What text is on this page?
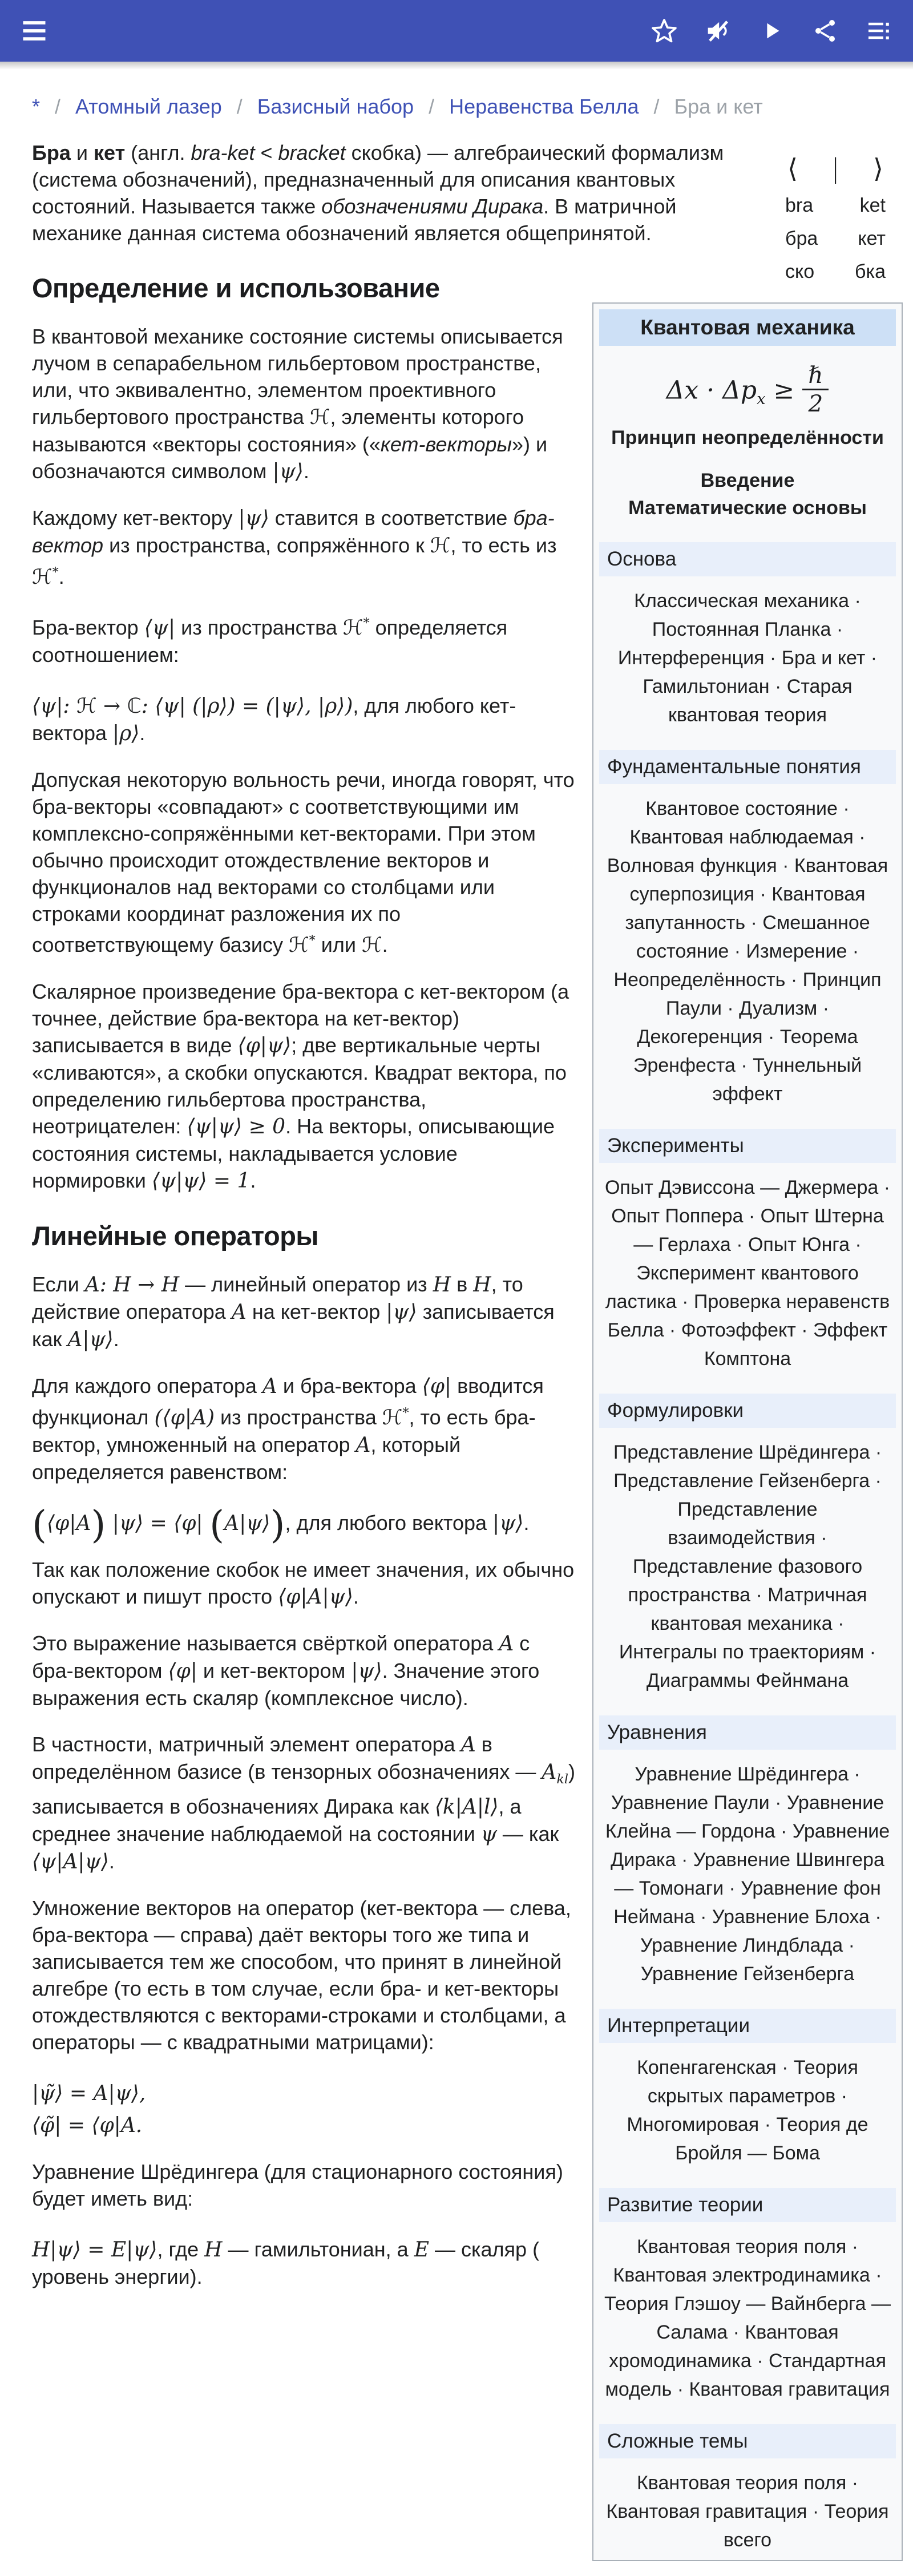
* / Атомный лазер / Базисный набор / Неравенства Белла / Бра и кет
⟨ | ⟩
bra ket
бра кет
ско бка

Бра и кет (англ. bra-ket < bracket скобка) — алгебраический формализм (система обозначений), предназначенный для описания квантовых состояний. Называется также обозначениями Дирака. В матричной механике данная система обозначений является общепринятой.

Квантовая механика
$\Delta x \cdot \Delta p_x \ge \frac{\text{ℏ}}{2}$
Принцип неопределённости
Введение
Математические основы
Основа
Классическая механика · Постоянная Планка · Интерференция · Бра и кет · Гамильтониан · Старая квантовая теория
Фундаментальные понятия
Квантовое состояние · Квантовая наблюдаемая · Волновая функция · Квантовая суперпозиция · Квантовая запутанность · Смешанное состояние · Измерение · Неопределённость · Принцип Паули · Дуализм · Декогеренция · Теорема Эренфеста · Туннельный эффект
Эксперименты
Опыт Дэвиссона — Джермера · Опыт Поппера · Опыт Штерна — Герлаха · Опыт Юнга · Эксперимент квантового ластика · Проверка неравенств Белла · Фотоэффект · Эффект Комптона
Формулировки
Представление Шрёдингера · Представление Гейзенберга · Представление взаимодействия · Представление фазового пространства · Матричная квантовая механика · Интегралы по траекториям · Диаграммы Фейнмана
Уравнения
Уравнение Шрёдингера · Уравнение Паули · Уравнение Клейна — Гордона · Уравнение Дирака · Уравнение Швингера — Томонаги · Уравнение фон Неймана · Уравнение Блоха · Уравнение Линдблада · Уравнение Гейзенберга
Интерпретации
Копенгагенская · Теория скрытых параметров · Многомировая · Теория де Бройля — Бома
Развитие теории
Квантовая теория поля · Квантовая электродинамика · Теория Глэшоу — Вайнберга — Салама · Квантовая хромодинамика · Стандартная модель · Квантовая гравитация
Сложные темы
Квантовая теория поля · Квантовая гравитация · Теория всего
Определение и использование

В квантовой механике состояние системы описывается лучом в сепарабельном гильбертовом пространстве, или, что эквивалентно, элементом проективного гильбертового пространства ℋ, элементы которого называются «векторы состояния» («кет-векторы») и обозначаются символом |ψ⟩.

Каждому кет-вектору |ψ⟩ ставится в соответствие бра-вектор из пространства, сопряжённого к ℋ, то есть из ℋ*.

Бра-вектор ⟨ψ| из пространства ℋ* определяется соотношением:

⟨ψ|: ℋ → ℂ: ⟨ψ| (|ρ⟩) = (|ψ⟩, |ρ⟩), для любого кет-вектора |ρ⟩.

Допуская некоторую вольность речи, иногда говорят, что бра-векторы «совпадают» с соответствующими им комплексно-сопряжёнными кет-векторами. При этом обычно происходит отождествление векторов и функционалов над векторами со столбцами или строками координат разложения их по соответствующему базису ℋ* или ℋ.

Скалярное произведение бра-вектора с кет-вектором (а точнее, действие бра-вектора на кет-вектор) записывается в виде ⟨φ|ψ⟩; две вертикальные черты «сливаются», а скобки опускаются. Квадрат вектора, по определению гильбертова пространства, неотрицателен: ⟨ψ|ψ⟩ ≥ 0. На векторы, описывающие состояния системы, накладывается условие нормировки ⟨ψ|ψ⟩ = 1.

Линейные операторы

Если A: H → H — линейный оператор из H в H, то действие оператора A на кет-вектор |ψ⟩ записывается как A|ψ⟩.

Для каждого оператора A и бра-вектора ⟨φ| вводится функционал (⟨φ|A) из пространства ℋ*, то есть бра-вектор, умноженный на оператор A, который определяется равенством:

(⟨φ|A) |ψ⟩ = ⟨φ| (A|ψ⟩), для любого вектора |ψ⟩.

Так как положение скобок не имеет значения, их обычно опускают и пишут просто ⟨φ|A|ψ⟩.

Это выражение называется свёрткой оператора A с бра-вектором ⟨φ| и кет-вектором |ψ⟩. Значение этого выражения есть скаляр (комплексное число).

В частности, матричный элемент оператора A в определённом базисе (в тензорных обозначениях — $A_{kl}$) записывается в обозначениях Дирака как ⟨k|A|l⟩, а среднее значение наблюдаемой на состоянии ψ — как ⟨ψ|A|ψ⟩.

Умножение векторов на оператор (кет-вектора — слева, бра-вектора — справа) даёт векторы того же типа и записывается тем же способом, что принят в линейной алгебре (то есть в том случае, если бра- и кет-векторы отождествляются с векторами-строками и столбцами, а операторы — с квадратными матрицами):

|ψ̃⟩ = A|ψ⟩,
⟨φ̃| = ⟨φ|A.

Уравнение Шрёдингера (для стационарного состояния) будет иметь вид:

H|ψ⟩ = E|ψ⟩, где H — гамильтониан, а E — скаляр ( уровень энергии).
